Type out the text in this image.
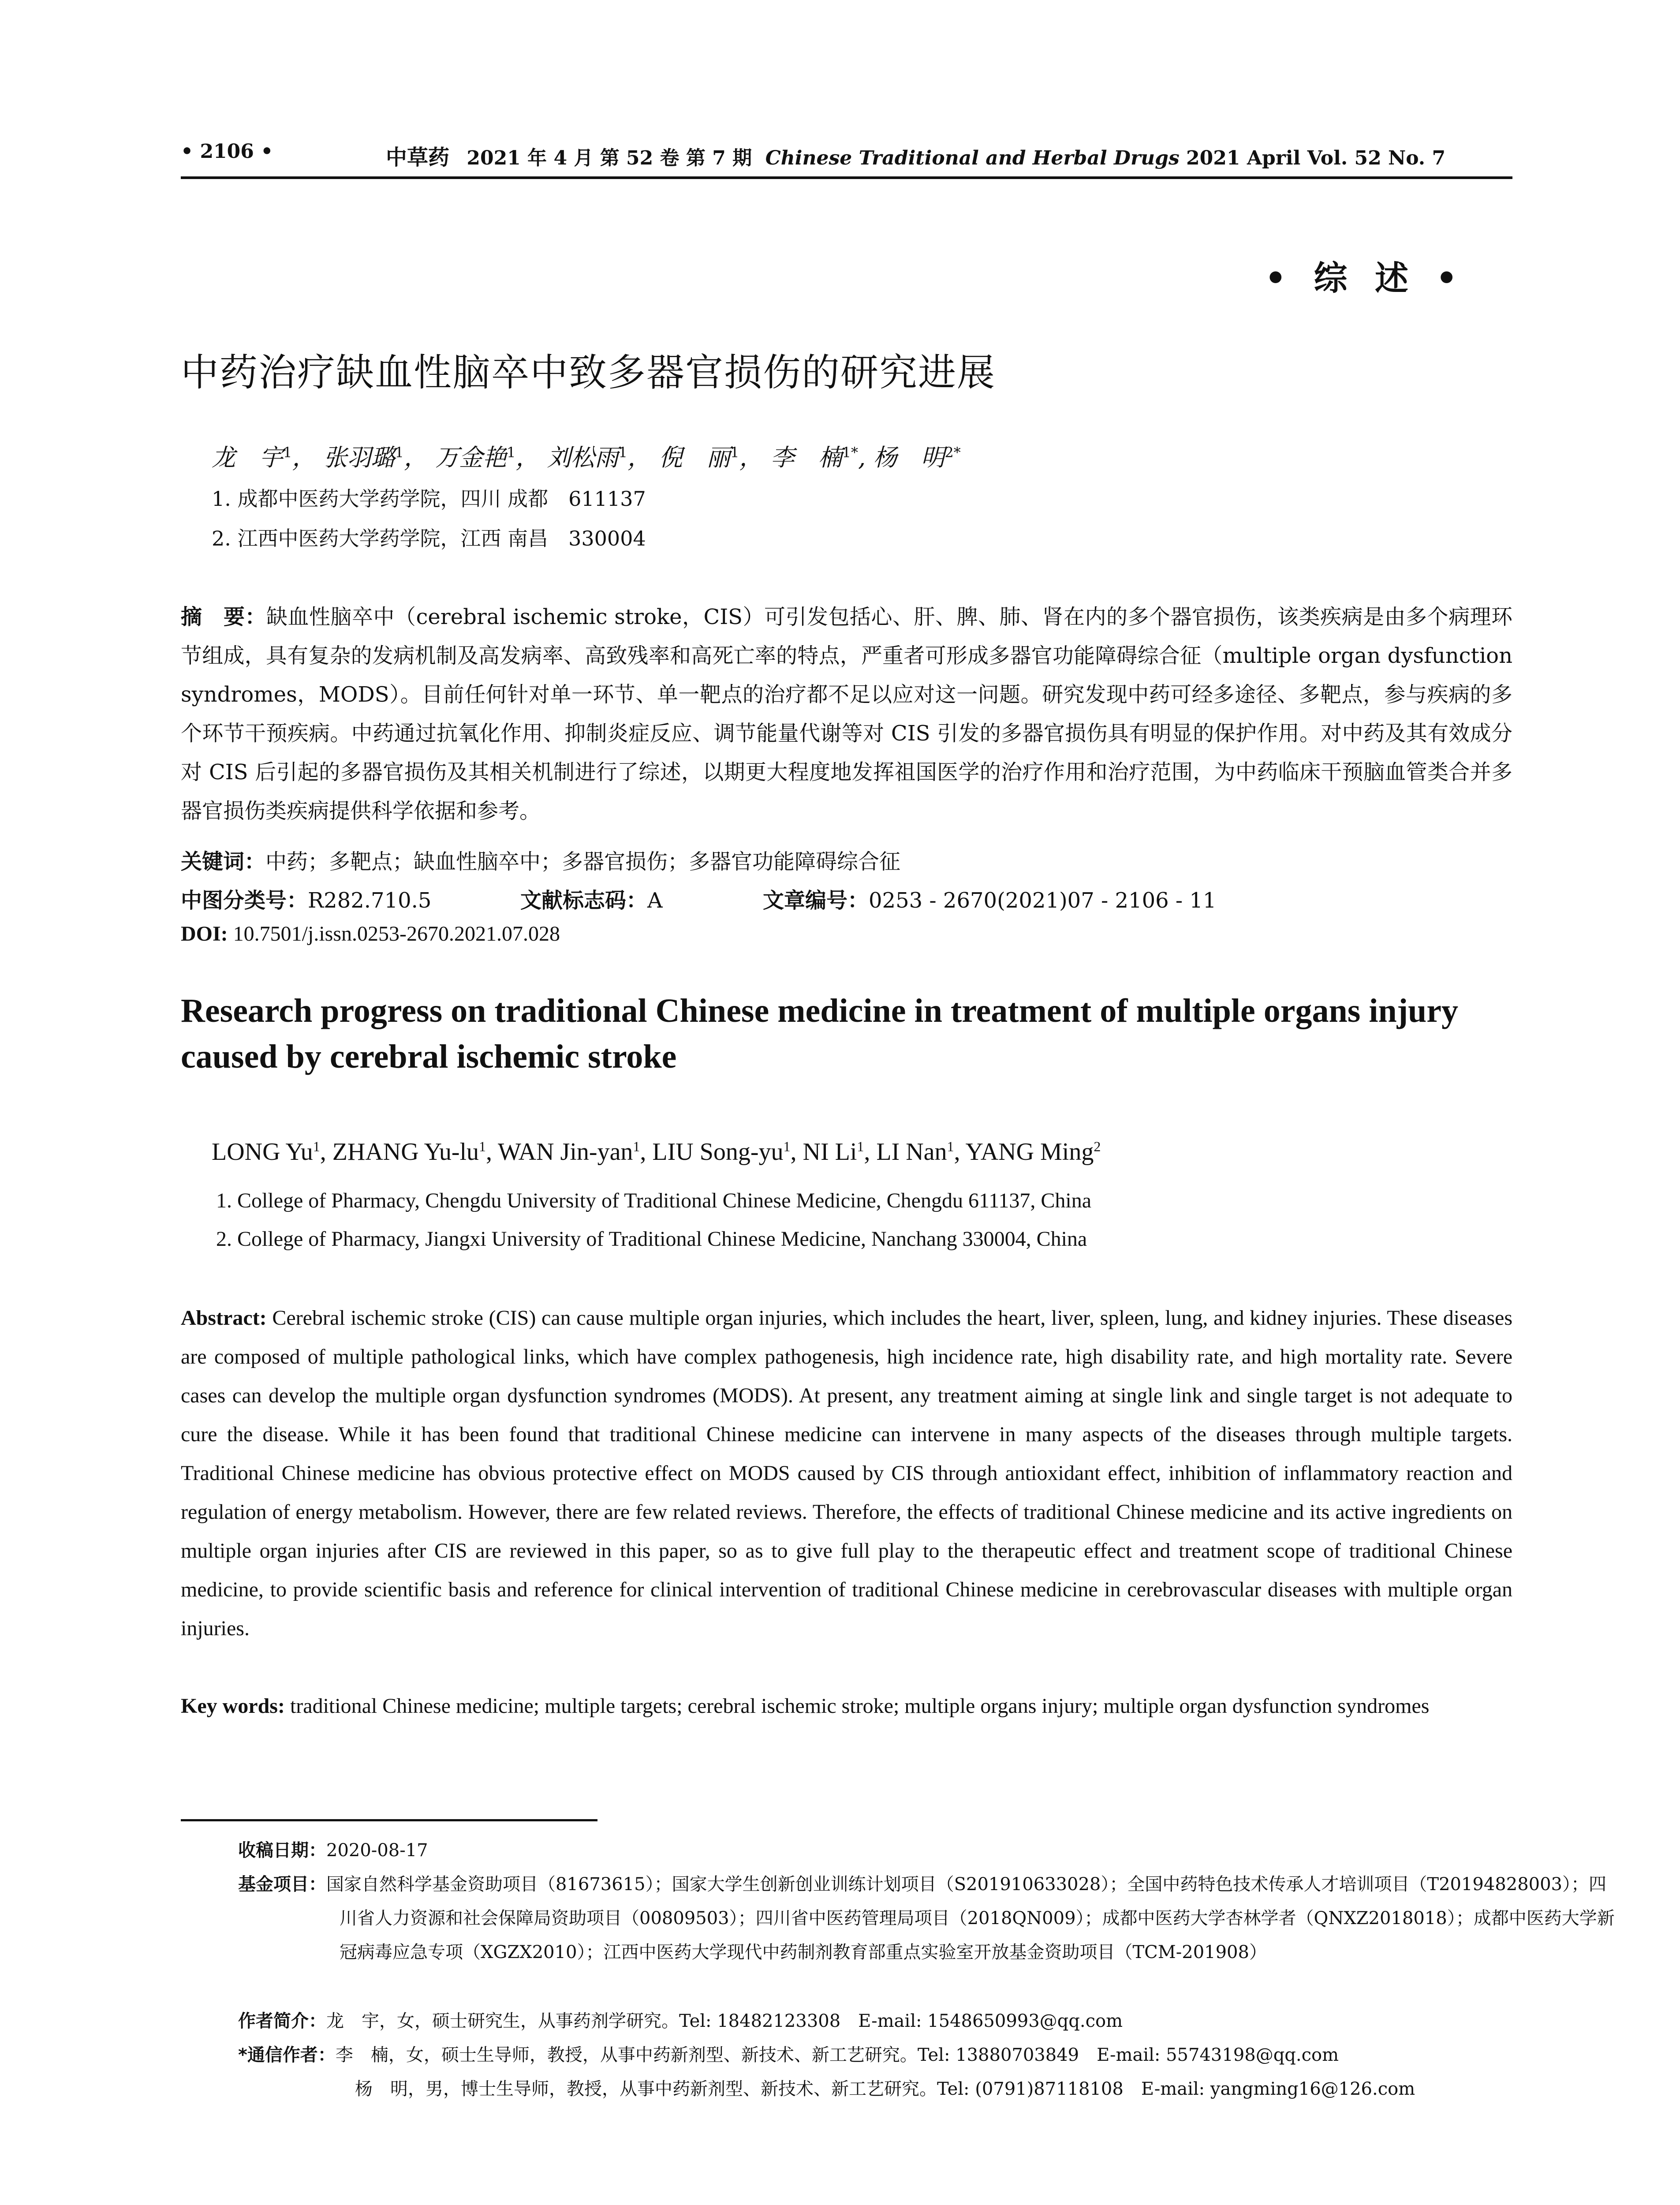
• 2106 •	中草药 2021 年 4 月 第 52 卷 第 7 期 Chinese Traditional and Herbal Drugs 2021 April Vol. 52 No. 7
• 综 述 •
中药治疗缺血性脑卒中致多器官损伤的研究进展
龙　宇$^1$， 张羽璐$^1$， 万金艳$^1$， 刘松雨$^1$， 倪　丽$^1$， 李　楠$^{1*}$, 杨　明$^{2*}$
1. 成都中医药大学药学院，四川 成都　611137
2. 江西中医药大学药学院，江西 南昌　330004
摘　要：缺血性脑卒中（cerebral ischemic stroke，CIS）可引发包括心、肝、脾、肺、肾在内的多个器官损伤，该类疾病是由多个病理环节组成，具有复杂的发病机制及高发病率、高致残率和高死亡率的特点，严重者可形成多器官功能障碍综合征（multiple organ dysfunction syndromes，MODS）。目前任何针对单一环节、单一靶点的治疗都不足以应对这一问题。研究发现中药可经多途径、多靶点，参与疾病的多个环节干预疾病。中药通过抗氧化作用、抑制炎症反应、调节能量代谢等对 CIS 引发的多器官损伤具有明显的保护作用。对中药及其有效成分对 CIS 后引起的多器官损伤及其相关机制进行了综述，以期更大程度地发挥祖国医学的治疗作用和治疗范围，为中药临床干预脑血管类合并多器官损伤类疾病提供科学依据和参考。
关键词：中药；多靶点；缺血性脑卒中；多器官损伤；多器官功能障碍综合征
中图分类号：R282.710.5	文献标志码：A	文章编号：0253 - 2670(2021)07 - 2106 - 11
DOI: 10.7501/j.issn.0253-2670.2021.07.028
Research progress on traditional Chinese medicine in treatment of multiple organs injury caused by cerebral ischemic stroke
LONG Yu$^1$, ZHANG $Yu-lu^1$, WAN Jin-yan$^1$, LIU Song-$yu^1$, NI Li$^1$, LI Nan$^1$, YANG Ming$^2$
1. College of Pharmacy, Chengdu University of Traditional Chinese Medicine, Chengdu 611137, China
2. College of Pharmacy, Jiangxi University of Traditional Chinese Medicine, Nanchang 330004, China
Abstract: Cerebral ischemic stroke (CIS) can cause multiple organ injuries, which includes the heart, liver, spleen, lung, and kidney injuries. These diseases are composed of multiple pathological links, which have complex pathogenesis, high incidence rate, high disability rate, and high mortality rate. Severe cases can develop the multiple organ dysfunction syndromes (MODS). At present, any treatment aiming at single link and single target is not adequate to cure the disease. While it has been found that traditional Chinese medicine can intervene in many aspects of the diseases through multiple targets. Traditional Chinese medicine has obvious protective effect on MODS caused by CIS through antioxidant effect, inhibition of inflammatory reaction and regulation of energy metabolism. However, there are few related reviews. Therefore, the effects of traditional Chinese medicine and its active ingredients on multiple organ injuries after CIS are reviewed in this paper, so as to give full play to the therapeutic effect and treatment scope of traditional Chinese medicine, to provide scientific basis and reference for clinical intervention of traditional Chinese medicine in cerebrovascular diseases with multiple organ injuries.
Key words: traditional Chinese medicine; multiple targets; cerebral ischemic stroke; multiple organs injury; multiple organ dysfunction syndromes
收稿日期：2020-08-17
基金项目：国家自然科学基金资助项目（81673615）；国家大学生创新创业训练计划项目（S201910633028）；全国中药特色技术传承人才培训项目（T20194828003）；四川省人力资源和社会保障局资助项目（00809503）；四川省中医药管理局项目（2018QN009）；成都中医药大学杏林学者（QNXZ2018018）；成都中医药大学新冠病毒应急专项（XGZX2010）；江西中医药大学现代中药制剂教育部重点实验室开放基金资助项目（TCM-201908）
作者简介：龙　宇，女，硕士研究生，从事药剂学研究。Tel: 18482123308　E-mail: 1548650993@qq.com
*通信作者：李　楠，女，硕士生导师，教授，从事中药新剂型、新技术、新工艺研究。Tel: 13880703849　E-mail: 55743198@qq.com
杨　明，男，博士生导师，教授，从事中药新剂型、新技术、新工艺研究。Tel: (0791)87118108　E-mail: yangming16@126.com
